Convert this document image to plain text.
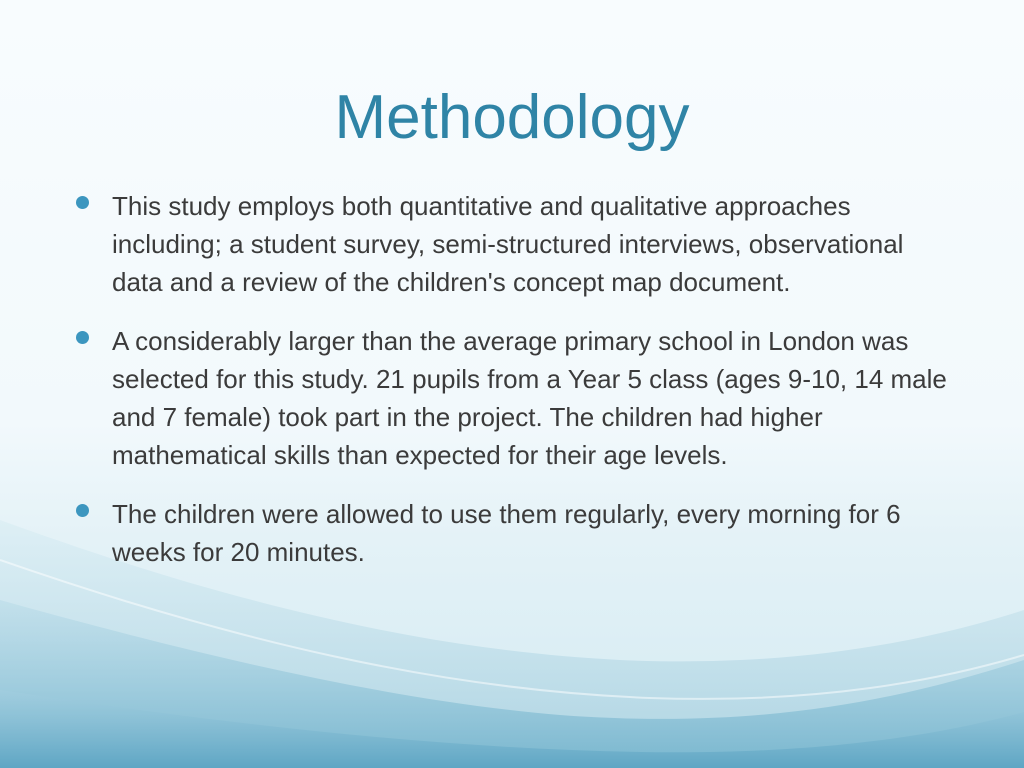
Methodology
This study employs both quantitative and qualitative approaches including; a student survey, semi-structured interviews, observational data and a review of the children's concept map document.
A considerably larger than the average primary school in London was selected for this study. 21 pupils from a Year 5 class (ages 9-10, 14 male and 7 female) took part in the project. The children had higher mathematical skills than expected for their age levels.
The children were allowed to use them regularly, every morning for 6 weeks for 20 minutes.
